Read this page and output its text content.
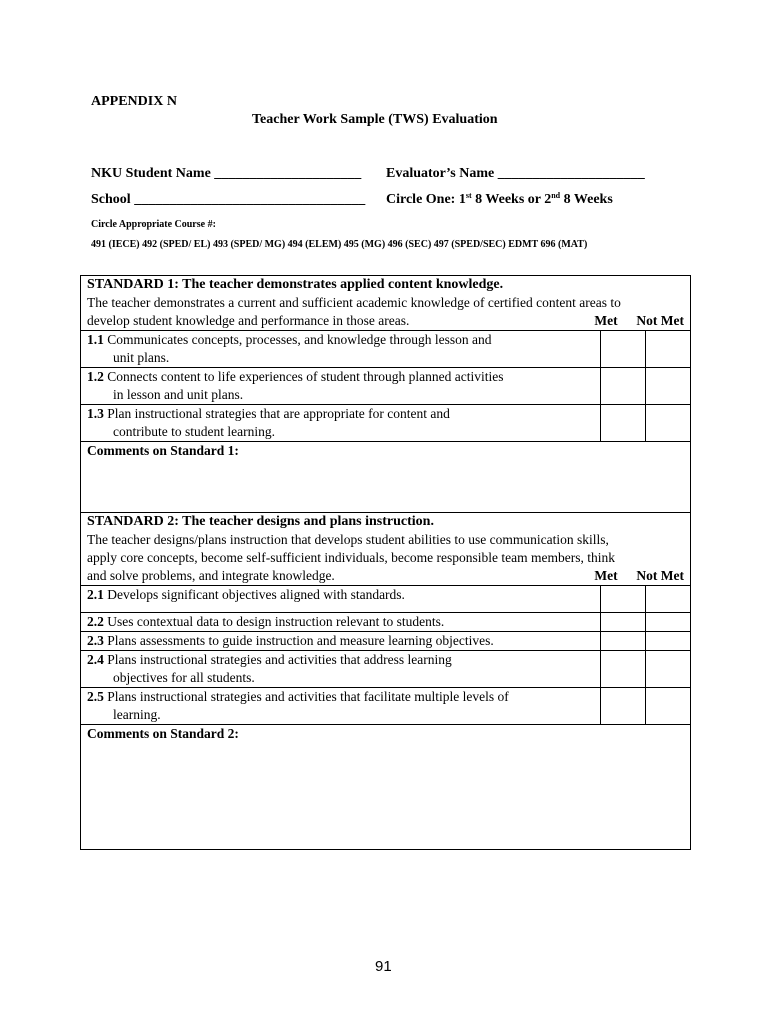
APPENDIX N
Teacher Work Sample (TWS) Evaluation
NKU Student Name _____________________ Evaluator’s Name _____________________
School _________________________________ Circle One: 1st 8 Weeks or 2nd 8 Weeks
Circle Appropriate Course #:
491 (IECE) 492 (SPED/ EL) 493 (SPED/ MG) 494 (ELEM) 495 (MG) 496 (SEC) 497 (SPED/SEC) EDMT 696 (MAT)
STANDARD 1: The teacher demonstrates applied content knowledge.
The teacher demonstrates a current and sufficient academic knowledge of certified content areas to
develop student knowledge and performance in those areas. Met Not Met		

1.1 Communicates concepts, processes, and knowledge through lesson and
unit plans.		

1.2 Connects content to life experiences of student through planned activities
in lesson and unit plans.		

1.3 Plan instructional strategies that are appropriate for content and
contribute to student learning.		

Comments on Standard 1:		

STANDARD 2: The teacher designs and plans instruction.
The teacher designs/plans instruction that develops student abilities to use communication skills,
apply core concepts, become self-sufficient individuals, become responsible team members, think
and solve problems, and integrate knowledge. Met Not Met		

2.1 Develops significant objectives aligned with standards.		
2.2 Uses contextual data to design instruction relevant to students.		
2.3 Plans assessments to guide instruction and measure learning objectives.		
2.4 Plans instructional strategies and activities that address learning
objectives for all students.		

2.5 Plans instructional strategies and activities that facilitate multiple levels of
learning.		

Comments on Standard 2:		
91
